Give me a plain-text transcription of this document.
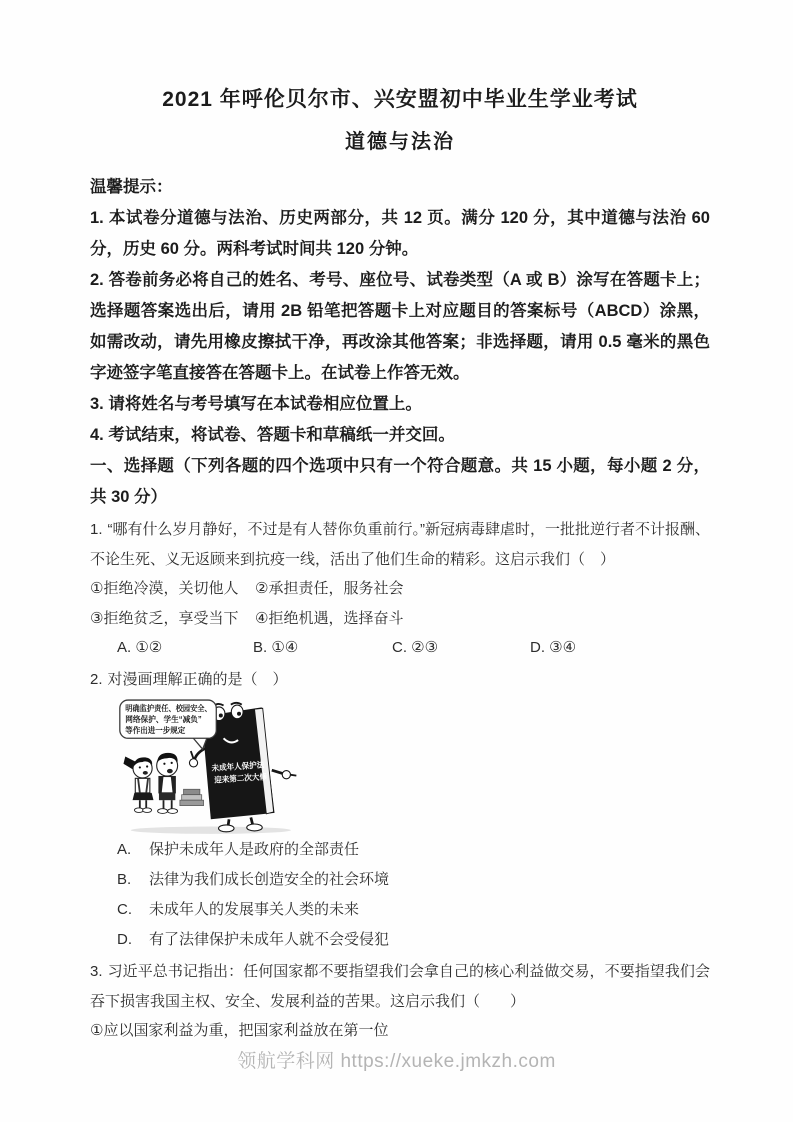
2021 年呼伦贝尔市、兴安盟初中毕业生学业考试
道德与法治

温馨提示：

1. 本试卷分道德与法治、历史两部分，共 12 页。满分 120 分，其中道德与法治 60 分，历史 60 分。两科考试时间共 120 分钟。

2. 答卷前务必将自己的姓名、考号、座位号、试卷类型（A 或 B）涂写在答题卡上；选择题答案选出后，请用 2B 铅笔把答题卡上对应题目的答案标号（ABCD）涂黑，如需改动，请先用橡皮擦拭干净，再改涂其他答案；非选择题，请用 0.5 毫米的黑色字迹签字笔直接答在答题卡上。在试卷上作答无效。

3. 请将姓名与考号填写在本试卷相应位置上。

4. 考试结束，将试卷、答题卡和草稿纸一并交回。

一、选择题（下列各题的四个选项中只有一个符合题意。共 15 小题，每小题 2 分，共 30 分）

1. “哪有什么岁月静好，不过是有人替你负重前行。”新冠病毒肆虐时，一批批逆行者不计报酬、不论生死、义无返顾来到抗疫一线，活出了他们生命的精彩。这启示我们（　）

①拒绝冷漠，关切他人 ②承担责任，服务社会
③拒绝贫乏，享受当下 ④拒绝机遇，选择奋斗
A. ①②	B. ①④	C. ②③	D. ③④

2. 对漫画理解正确的是（　）

未成年人保护法
迎来第二次大修
明确监护责任、校园安全、
网络保护、学生“减负”
等作出进一步规定
A. 保护未成年人是政府的全部责任
B. 法律为我们成长创造安全的社会环境
C. 未成年人的发展事关人类的未来
D. 有了法律保护未成年人就不会受侵犯

3. 习近平总书记指出：任何国家都不要指望我们会拿自己的核心利益做交易，不要指望我们会吞下损害我国主权、安全、发展利益的苦果。这启示我们（　　）

①应以国家利益为重，把国家利益放在第一位
领航学科网 https://xueke.jmkzh.com
